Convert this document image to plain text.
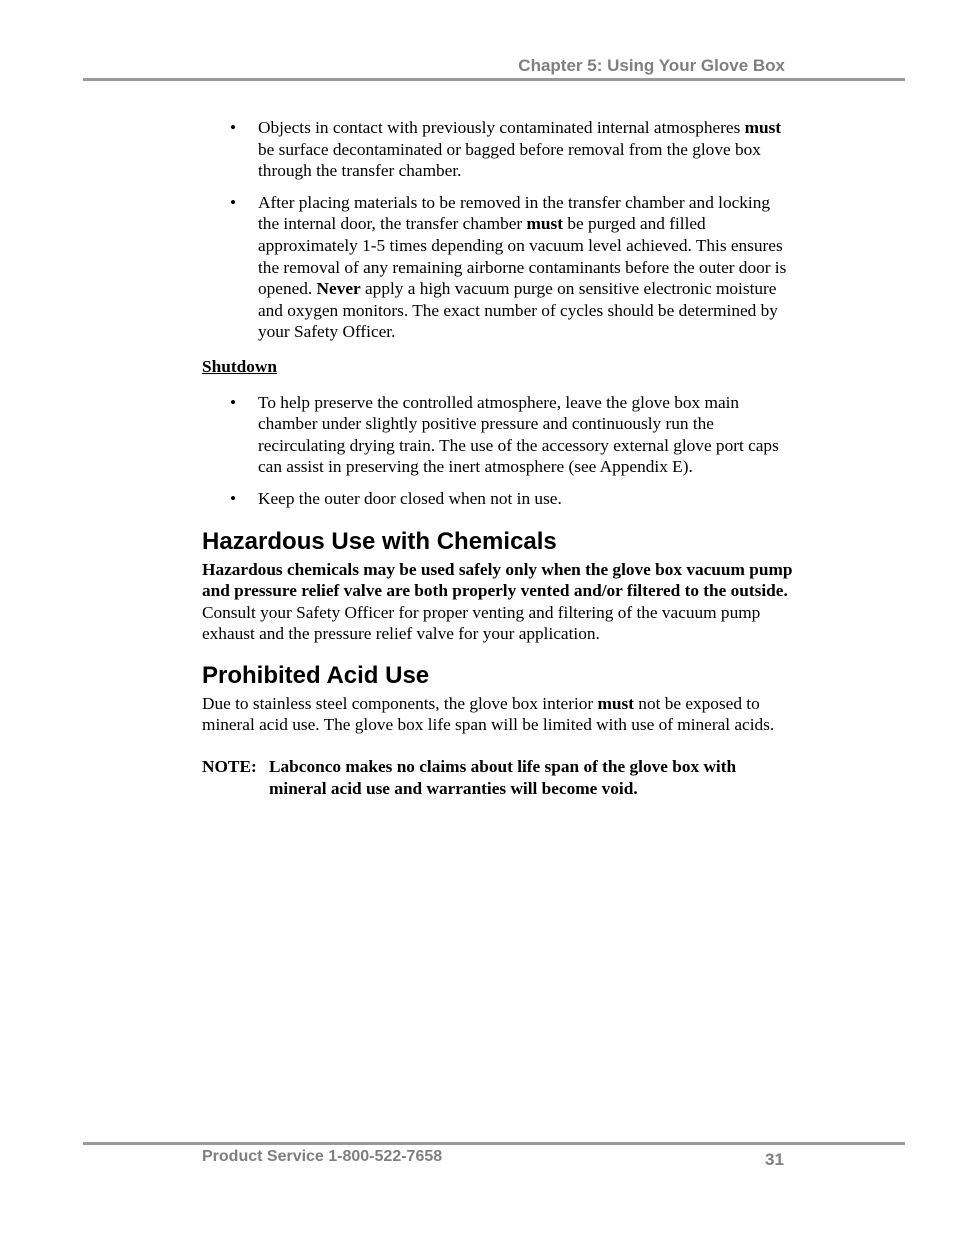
Chapter 5: Using Your Glove Box
• Objects in contact with previously contaminated internal atmospheres must be surface decontaminated or bagged before removal from the glove box through the transfer chamber.
• After placing materials to be removed in the transfer chamber and locking the internal door, the transfer chamber must be purged and filled approximately 1-5 times depending on vacuum level achieved. This ensures the removal of any remaining airborne contaminants before the outer door is opened. Never apply a high vacuum purge on sensitive electronic moisture and oxygen monitors. The exact number of cycles should be determined by your Safety Officer.
Shutdown
• To help preserve the controlled atmosphere, leave the glove box main chamber under slightly positive pressure and continuously run the recirculating drying train. The use of the accessory external glove port caps can assist in preserving the inert atmosphere (see Appendix E).
• Keep the outer door closed when not in use.
Hazardous Use with Chemicals

Hazardous chemicals may be used safely only when the glove box vacuum pump and pressure relief valve are both properly vented and/or filtered to the outside. Consult your Safety Officer for proper venting and filtering of the vacuum pump exhaust and the pressure relief valve for your application.

Prohibited Acid Use

Due to stainless steel components, the glove box interior must not be exposed to mineral acid use. The glove box life span will be limited with use of mineral acids.

NOTE: Labconco makes no claims about life span of the glove box with mineral acid use and warranties will become void.
Product Service 1-800-522-7658	31
